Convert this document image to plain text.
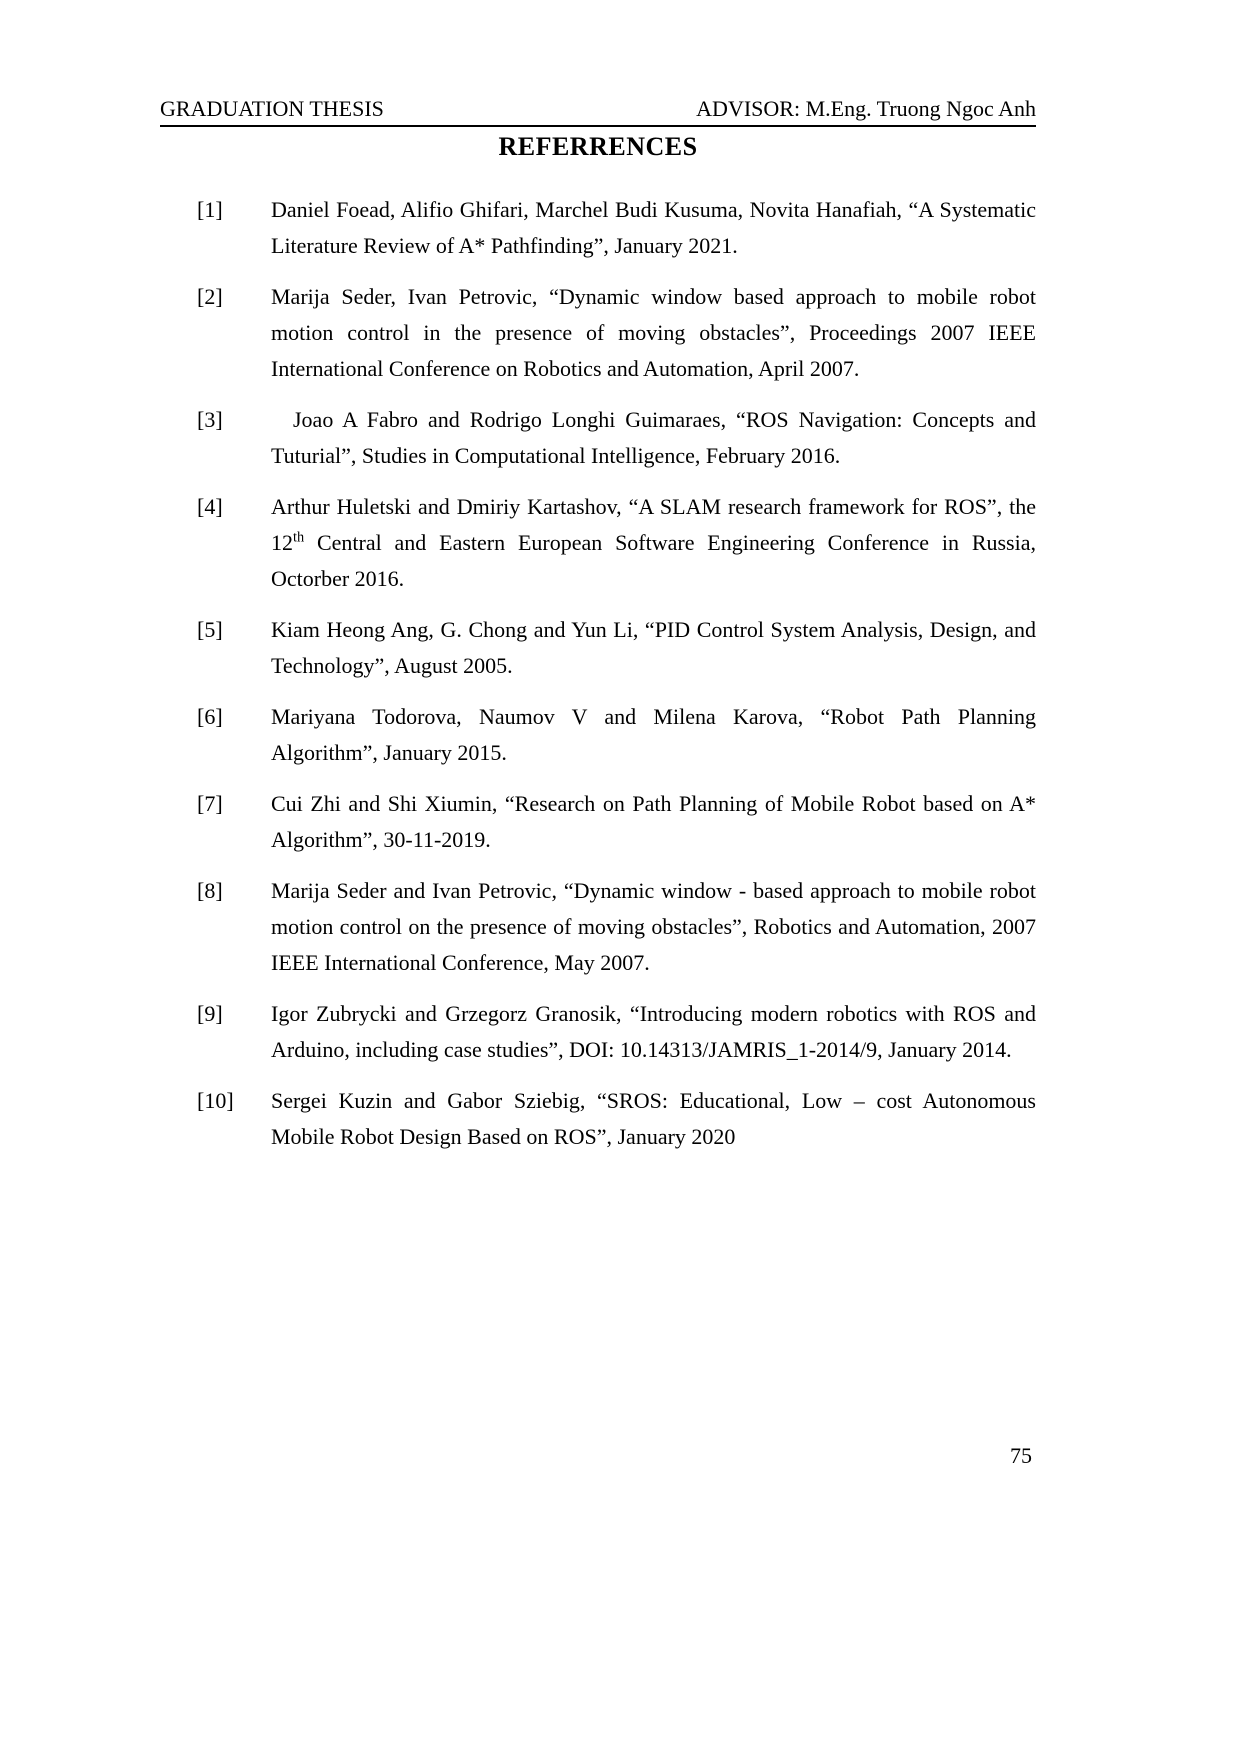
GRADUATION THESIS	ADVISOR: M.Eng. Truong Ngoc Anh
REFERRENCES
[1]	Daniel Foead, Alifio Ghifari, Marchel Budi Kusuma, Novita Hanafiah, “A Systematic Literature Review of A* Pathfinding”, January 2021.
[2]	Marija Seder, Ivan Petrovic, “Dynamic window based approach to mobile robot motion control in the presence of moving obstacles”, Proceedings 2007 IEEE International Conference on Robotics and Automation, April 2007.
[3]	Joao A Fabro and Rodrigo Longhi Guimaraes, “ROS Navigation: Concepts and Tuturial”, Studies in Computational Intelligence, February 2016.
[4]	Arthur Huletski and Dmiriy Kartashov, “A SLAM research framework for ROS”, the 12th Central and Eastern European Software Engineering Conference in Russia, Octorber 2016.
[5]	Kiam Heong Ang, G. Chong and Yun Li, “PID Control System Analysis, Design, and Technology”, August 2005.
[6]	Mariyana Todorova, Naumov V and Milena Karova, “Robot Path Planning Algorithm”, January 2015.
[7]	Cui Zhi and Shi Xiumin, “Research on Path Planning of Mobile Robot based on A* Algorithm”, 30-11-2019.
[8]	Marija Seder and Ivan Petrovic, “Dynamic window - based approach to mobile robot motion control on the presence of moving obstacles”, Robotics and Automation, 2007 IEEE International Conference, May 2007.
[9]	Igor Zubrycki and Grzegorz Granosik, “Introducing modern robotics with ROS and Arduino, including case studies”, DOI: 10.14313/JAMRIS_1-2014/9, January 2014.
[10]	Sergei Kuzin and Gabor Sziebig, “SROS: Educational, Low – cost Autonomous Mobile Robot Design Based on ROS”, January 2020
75
